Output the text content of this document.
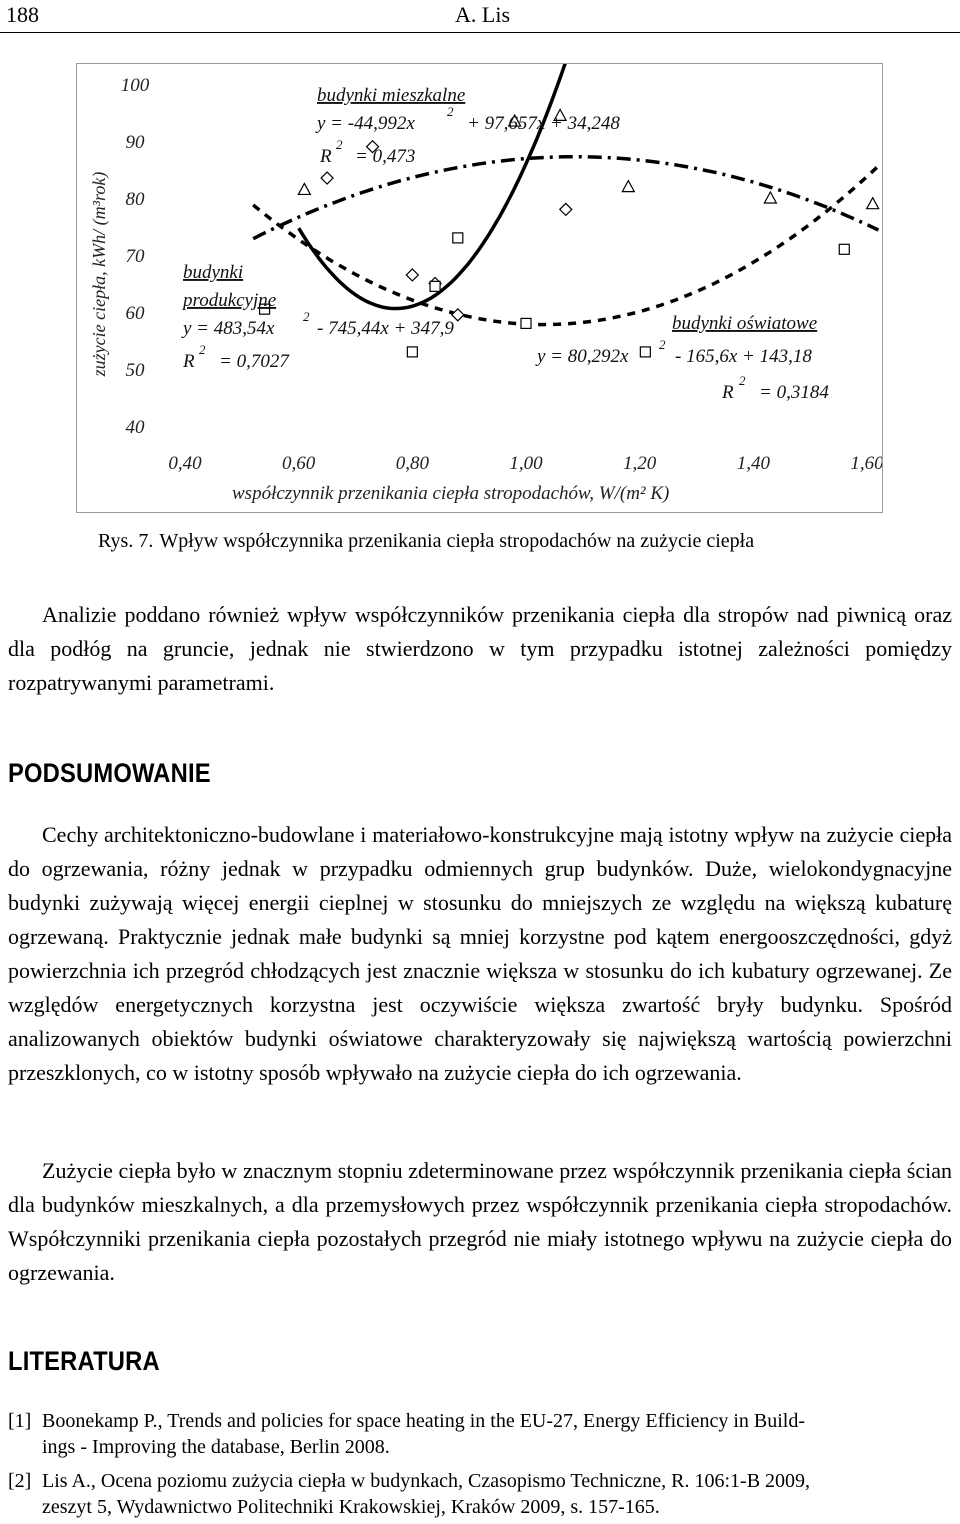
188	A. Lis
100
90
80
70
60
50
40
0,40	0,60	0,80	1,00	1,20	1,40	1,60
zużycie ciepła, kWh/ (m³rok)
współczynnik przenikania ciepła stropodachów, W/(m² K)
budynki mieszkalne
y = -44,992x
2
+ 97,657x + 34,248
R
2
= 0,473
budynki
produkcyjne
y = 483,54x
2
- 745,44x + 347,9
R
2
= 0,7027
budynki oświatowe
y = 80,292x
2
- 165,6x + 143,18
R
2
= 0,3184
Rys. 7. Wpływ współczynnika przenikania ciepła stropodachów na zużycie ciepła

Analizie poddano również wpływ współczynników przenikania ciepła dla stropów nad piwnicą oraz dla podłóg na gruncie, jednak nie stwierdzono w tym przypadku istotnej zależności pomiędzy rozpatrywanymi parametrami.

PODSUMOWANIE

Cechy architektoniczno-budowlane i materiałowo-konstrukcyjne mają istotny wpływ na zużycie ciepła do ogrzewania, różny jednak w przypadku odmiennych grup budynków. Duże, wielokondygnacyjne budynki zużywają więcej energii cieplnej w stosunku do mniejszych ze względu na większą kubaturę ogrzewaną. Praktycznie jednak małe budynki są mniej korzystne pod kątem energooszczędności, gdyż powierzchnia ich przegród chłodzących jest znacznie większa w stosunku do ich kubatury ogrzewanej. Ze względów energetycznych korzystna jest oczywiście większa zwartość bryły budynku. Spośród analizowanych obiektów budynki oświatowe charakteryzowały się największą wartością powierzchni przeszklonych, co w istotny sposób wpływało na zużycie ciepła do ich ogrzewania.

Zużycie ciepła było w znacznym stopniu zdeterminowane przez współczynnik przenikania ciepła ścian dla budynków mieszkalnych, a dla przemysłowych przez współczynnik przenikania ciepła stropodachów. Współczynniki przenikania ciepła pozostałych przegród nie miały istotnego wpływu na zużycie ciepła do ogrzewania.

LITERATURA

[1] Boonekamp P., Trends and policies for space heating in the EU-27, Energy Efficiency in Build-
ings - Improving the database, Berlin 2008.

[2] Lis A., Ocena poziomu zużycia ciepła w budynkach, Czasopismo Techniczne, R. 106:1-B 2009,
zeszyt 5, Wydawnictwo Politechniki Krakowskiej, Kraków 2009, s. 157-165.
